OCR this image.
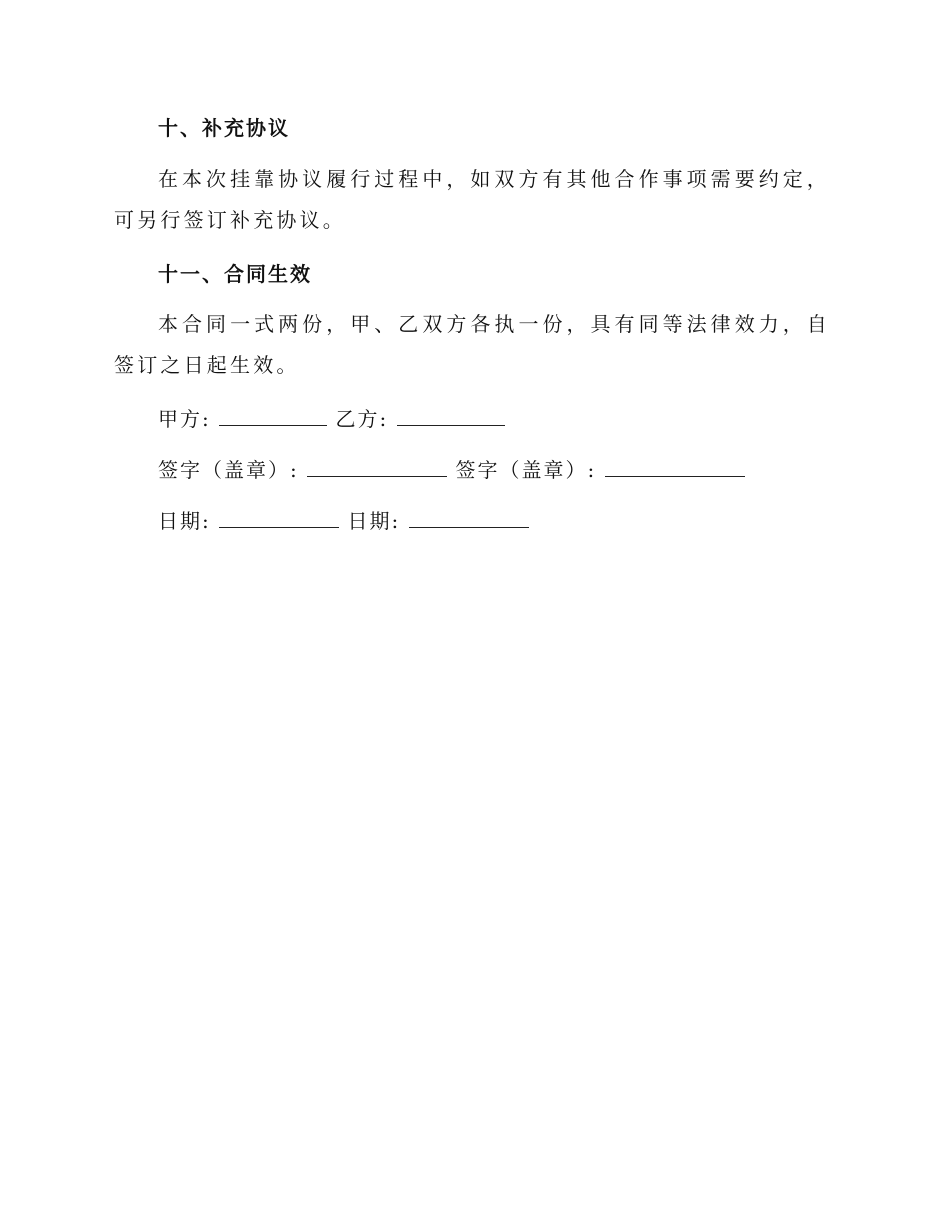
十、补充协议
在本次挂靠协议履行过程中，如双方有其他合作事项需要约定，可另行签订补充协议。
十一、合同生效
本合同一式两份，甲、乙双方各执一份，具有同等法律效力，自签订之日起生效。
甲方:	乙方:
签字（盖章）:	签字（盖章）:
日期:	日期:
